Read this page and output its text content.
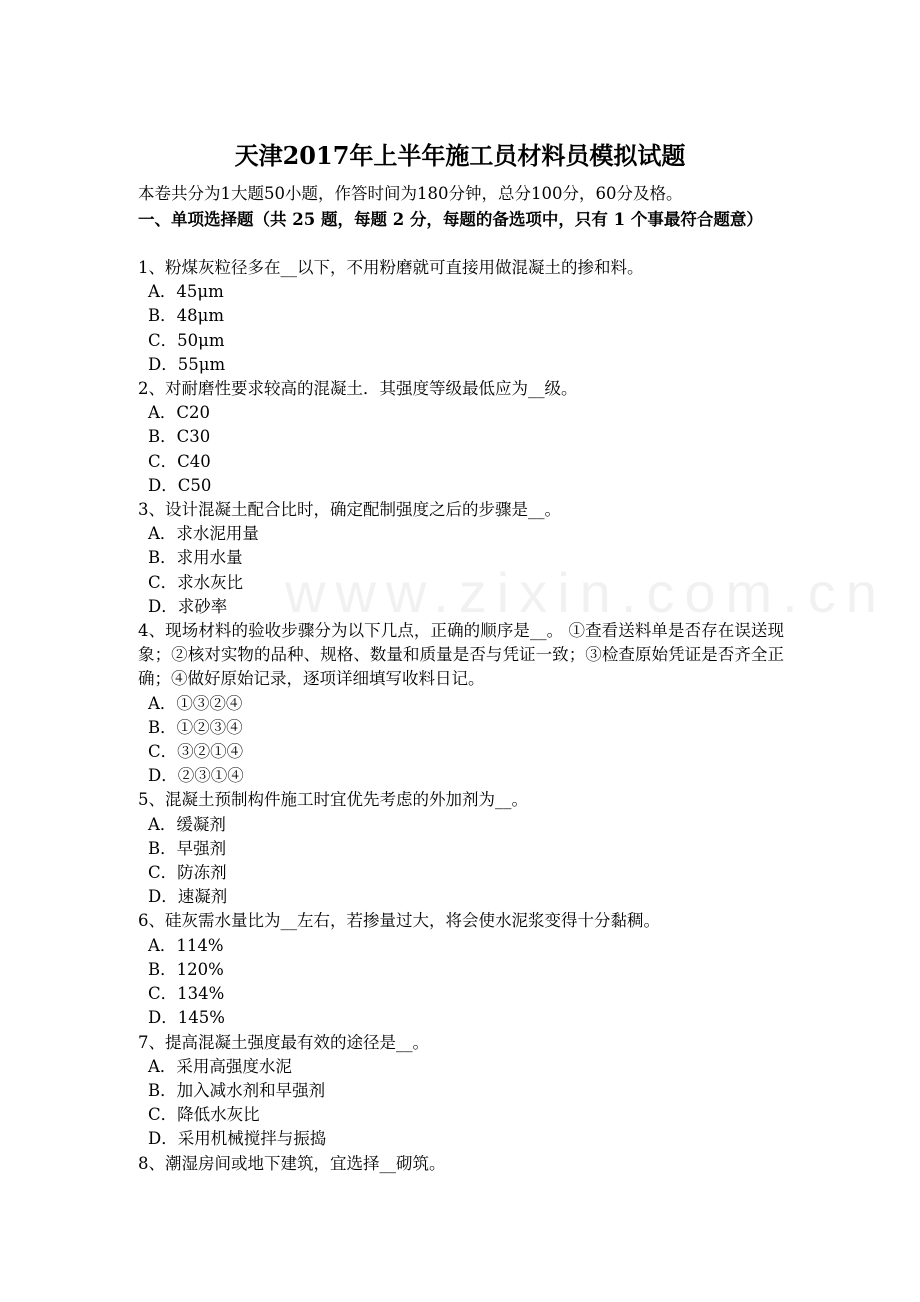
天津2017年上半年施工员材料员模拟试题
本卷共分为1大题50小题，作答时间为180分钟，总分100分，60分及格。
一、单项选择题（共 25 题，每题 2 分，每题的备选项中，只有 1 个事最符合题意）
www.zixin.com.cn

1、粉煤灰粒径多在__以下，不用粉磨就可直接用做混凝土的掺和料。

A．45μm

B．48μm

C．50μm

D．55μm

2、对耐磨性要求较高的混凝土．其强度等级最低应为__级。

A．C20

B．C30

C．C40

D．C50

3、设计混凝土配合比时，确定配制强度之后的步骤是__。

A．求水泥用量

B．求用水量

C．求水灰比

D．求砂率

4、现场材料的验收步骤分为以下几点，正确的顺序是__。 ①查看送料单是否存在误送现象；②核对实物的品种、规格、数量和质量是否与凭证一致；③检查原始凭证是否齐全正确；④做好原始记录，逐项详细填写收料日记。

A．①③②④

B．①②③④

C．③②①④

D．②③①④

5、混凝土预制构件施工时宜优先考虑的外加剂为__。

A．缓凝剂

B．早强剂

C．防冻剂

D．速凝剂

6、硅灰需水量比为__左右，若掺量过大，将会使水泥浆变得十分黏稠。

A．114%

B．120%

C．134%

D．145%

7、提高混凝土强度最有效的途径是__。

A．采用高强度水泥

B．加入减水剂和早强剂

C．降低水灰比

D．采用机械搅拌与振捣

8、潮湿房间或地下建筑，宜选择__砌筑。
